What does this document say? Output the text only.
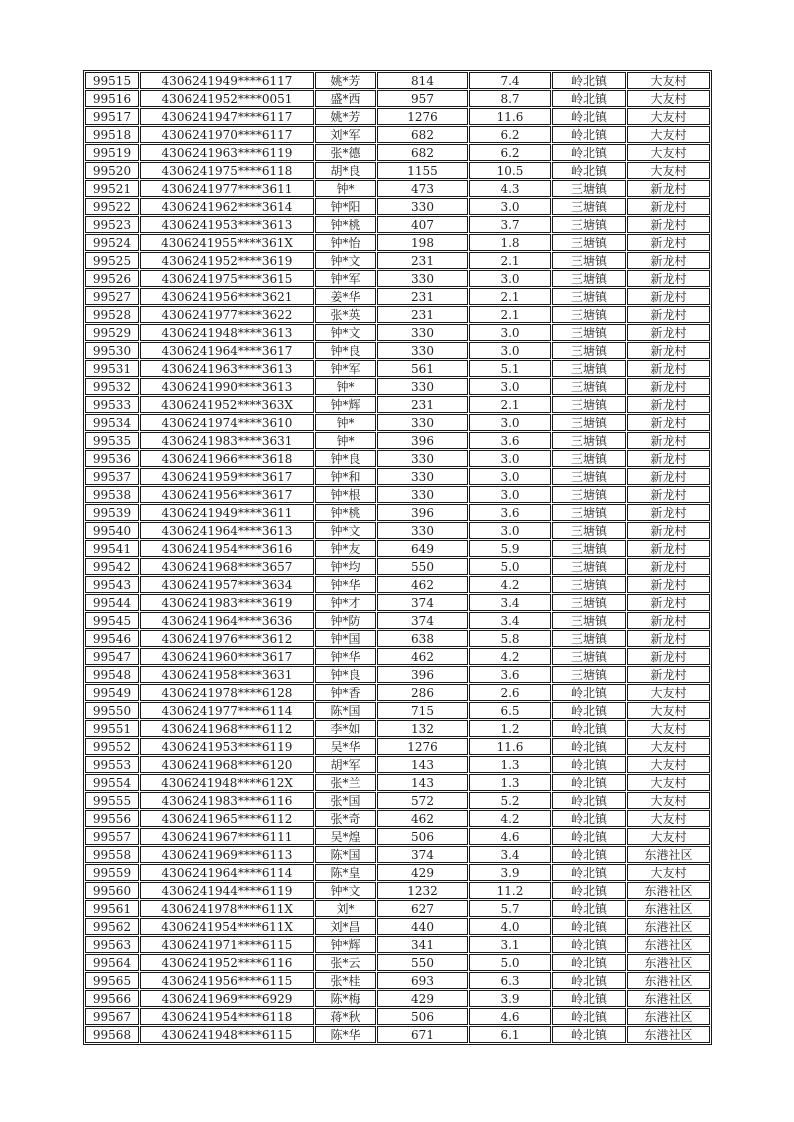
99515	4306241949****6117	姚*芳	814	7.4	岭北镇	大友村
99516	4306241952****0051	盛*西	957	8.7	岭北镇	大友村
99517	4306241947****6117	姚*芳	1276	11.6	岭北镇	大友村
99518	4306241970****6117	刘*军	682	6.2	岭北镇	大友村
99519	4306241963****6119	张*德	682	6.2	岭北镇	大友村
99520	4306241975****6118	胡*良	1155	10.5	岭北镇	大友村
99521	4306241977****3611	钟*	473	4.3	三塘镇	新龙村
99522	4306241962****3614	钟*阳	330	3.0	三塘镇	新龙村
99523	4306241953****3613	钟*桃	407	3.7	三塘镇	新龙村
99524	4306241955****361X	钟*怡	198	1.8	三塘镇	新龙村
99525	4306241952****3619	钟*文	231	2.1	三塘镇	新龙村
99526	4306241975****3615	钟*军	330	3.0	三塘镇	新龙村
99527	4306241956****3621	姜*华	231	2.1	三塘镇	新龙村
99528	4306241977****3622	张*英	231	2.1	三塘镇	新龙村
99529	4306241948****3613	钟*文	330	3.0	三塘镇	新龙村
99530	4306241964****3617	钟*良	330	3.0	三塘镇	新龙村
99531	4306241963****3613	钟*军	561	5.1	三塘镇	新龙村
99532	4306241990****3613	钟*	330	3.0	三塘镇	新龙村
99533	4306241952****363X	钟*辉	231	2.1	三塘镇	新龙村
99534	4306241974****3610	钟*	330	3.0	三塘镇	新龙村
99535	4306241983****3631	钟*	396	3.6	三塘镇	新龙村
99536	4306241966****3618	钟*良	330	3.0	三塘镇	新龙村
99537	4306241959****3617	钟*和	330	3.0	三塘镇	新龙村
99538	4306241956****3617	钟*根	330	3.0	三塘镇	新龙村
99539	4306241949****3611	钟*桃	396	3.6	三塘镇	新龙村
99540	4306241964****3613	钟*文	330	3.0	三塘镇	新龙村
99541	4306241954****3616	钟*友	649	5.9	三塘镇	新龙村
99542	4306241968****3657	钟*均	550	5.0	三塘镇	新龙村
99543	4306241957****3634	钟*华	462	4.2	三塘镇	新龙村
99544	4306241983****3619	钟*才	374	3.4	三塘镇	新龙村
99545	4306241964****3636	钟*防	374	3.4	三塘镇	新龙村
99546	4306241976****3612	钟*国	638	5.8	三塘镇	新龙村
99547	4306241960****3617	钟*华	462	4.2	三塘镇	新龙村
99548	4306241958****3631	钟*良	396	3.6	三塘镇	新龙村
99549	4306241978****6128	钟*香	286	2.6	岭北镇	大友村
99550	4306241977****6114	陈*国	715	6.5	岭北镇	大友村
99551	4306241968****6112	李*如	132	1.2	岭北镇	大友村
99552	4306241953****6119	吴*华	1276	11.6	岭北镇	大友村
99553	4306241968****6120	胡*军	143	1.3	岭北镇	大友村
99554	4306241948****612X	张*兰	143	1.3	岭北镇	大友村
99555	4306241983****6116	张*国	572	5.2	岭北镇	大友村
99556	4306241965****6112	张*奇	462	4.2	岭北镇	大友村
99557	4306241967****6111	吴*煌	506	4.6	岭北镇	大友村
99558	4306241969****6113	陈*国	374	3.4	岭北镇	东港社区
99559	4306241964****6114	陈*皇	429	3.9	岭北镇	大友村
99560	4306241944****6119	钟*文	1232	11.2	岭北镇	东港社区
99561	4306241978****611X	刘*	627	5.7	岭北镇	东港社区
99562	4306241954****611X	刘*昌	440	4.0	岭北镇	东港社区
99563	4306241971****6115	钟*辉	341	3.1	岭北镇	东港社区
99564	4306241952****6116	张*云	550	5.0	岭北镇	东港社区
99565	4306241956****6115	张*桂	693	6.3	岭北镇	东港社区
99566	4306241969****6929	陈*梅	429	3.9	岭北镇	东港社区
99567	4306241954****6118	蒋*秋	506	4.6	岭北镇	东港社区
99568	4306241948****6115	陈*华	671	6.1	岭北镇	东港社区
